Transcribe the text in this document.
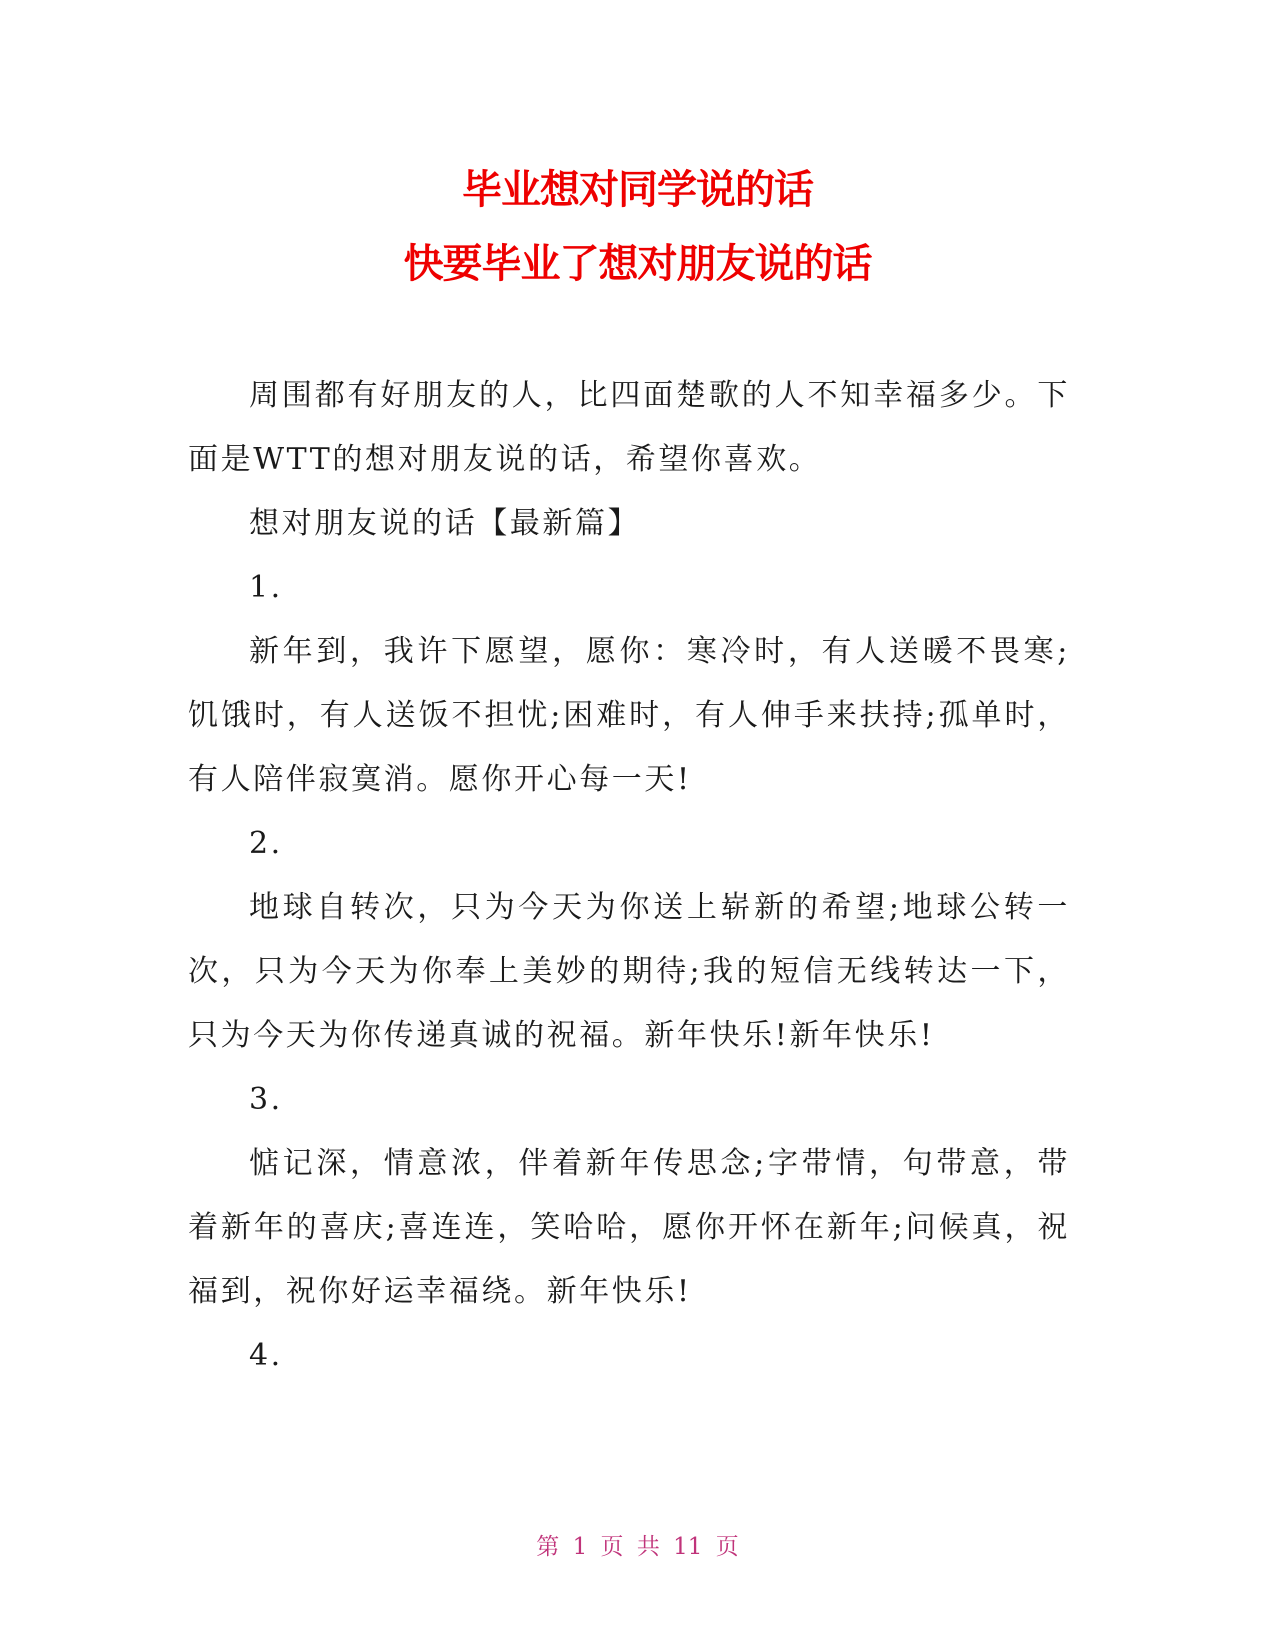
毕业想对同学说的话
快要毕业了想对朋友说的话

周围都有好朋友的人，比四面楚歌的人不知幸福多少。下面是WTT的想对朋友说的话，希望你喜欢。

想对朋友说的话【最新篇】

1.

新年到，我许下愿望，愿你：寒冷时，有人送暖不畏寒;饥饿时，有人送饭不担忧;困难时，有人伸手来扶持;孤单时，有人陪伴寂寞消。愿你开心每一天!

2.

地球自转次，只为今天为你送上崭新的希望;地球公转一次，只为今天为你奉上美妙的期待;我的短信无线转达一下，只为今天为你传递真诚的祝福。新年快乐!新年快乐!

3.

惦记深，情意浓，伴着新年传思念;字带情，句带意，带着新年的喜庆;喜连连，笑哈哈，愿你开怀在新年;问候真，祝福到，祝你好运幸福绕。新年快乐!

4.

第 1 页 共 11 页
